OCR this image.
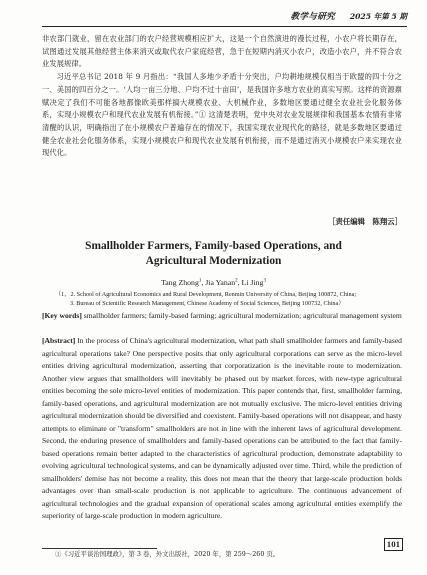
教学与研究 2025 年第 5 期

非农部门就业，留在农业部门的农户经营规模相应扩大，这是一个自然演进的漫长过程，小农户将长期存在，试图通过发展其他经营主体来消灭或取代农户家庭经营，急于在短期内消灭小农户，改造小农户，并不符合农业发展规律。

习近平总书记 2018 年 9 月指出：“我国人多地少矛盾十分突出，户均耕地规模仅相当于欧盟的四十分之一、美国的四百分之一。‘人均一亩三分地、户均不过十亩田’，是我国许多地方农业的真实写照。这样的资源禀赋决定了我们不可能各地都像欧美那样搞大规模农业、大机械作业，多数地区要通过健全农业社会化服务体系，实现小规模农户和现代农业发展有机衔接。”① 这清楚表明，党中央对农业发展规律和我国基本农情有非常清醒的认识，明确指出了在小规模农户普遍存在的情况下，我国实现农业现代化的路径，就是多数地区要通过健全农业社会化服务体系，实现小规模农户和现代农业发展有机衔接，而不是通过消灭小规模农户来实现农业现代化。

［责任编辑　陈翔云］
Smallholder Farmers, Family-based Operations, and
Agricultural Modernization
Tang Zhong$^1$, Jia Yanan$^2$, Li Jing$^3$
（1、2. School of Agricultural Economics and Rural Development, Renmin University of China, Beijing 100872, China;
3. Bureau of Scientific Research Management, Chinese Academy of Social Sciences, Beijing 100732, China）
[Key words] smallholder farmers; family-based farming; agricultural modernization; agricultural management system
[Abstract] In the process of China's agricultural modernization, what path shall smallholder farmers and family-based agricultural operations take? One perspective posits that only agricultural corporations can serve as the micro-level entities driving agricultural modernization, asserting that corporatization is the inevitable route to modernization. Another view argues that smallholders will inevitably be phased out by market forces, with new-type agricultural entities becoming the sole micro-level entities of modernization. This paper contends that, first, smallholder farming, family-based operations, and agricultural modernization are not mutually exclusive. The micro-level entities driving agricultural modernization should be diversified and coexistent. Family-based operations will not disappear, and hasty attempts to eliminate or "transform" smallholders are not in line with the inherent laws of agricultural development. Second, the enduring presence of smallholders and family-based operations can be attributed to the fact that family-based operations remain better adapted to the characteristics of agricultural production, demonstrate adaptability to evolving agricultural technological systems, and can be dynamically adjusted over time. Third, while the prediction of smallholders' demise has not become a reality, this does not mean that the theory that large-scale production holds advantages over than small-scale production is not applicable to agriculture. The continuous advancement of agricultural technologies and the gradual expansion of operational scales among agricultural entities exemplify the superiority of large-scale production in modern agriculture.
①《习近平谈治国理政》，第 3 卷，外文出版社，2020 年，第 259～260 页。
101
